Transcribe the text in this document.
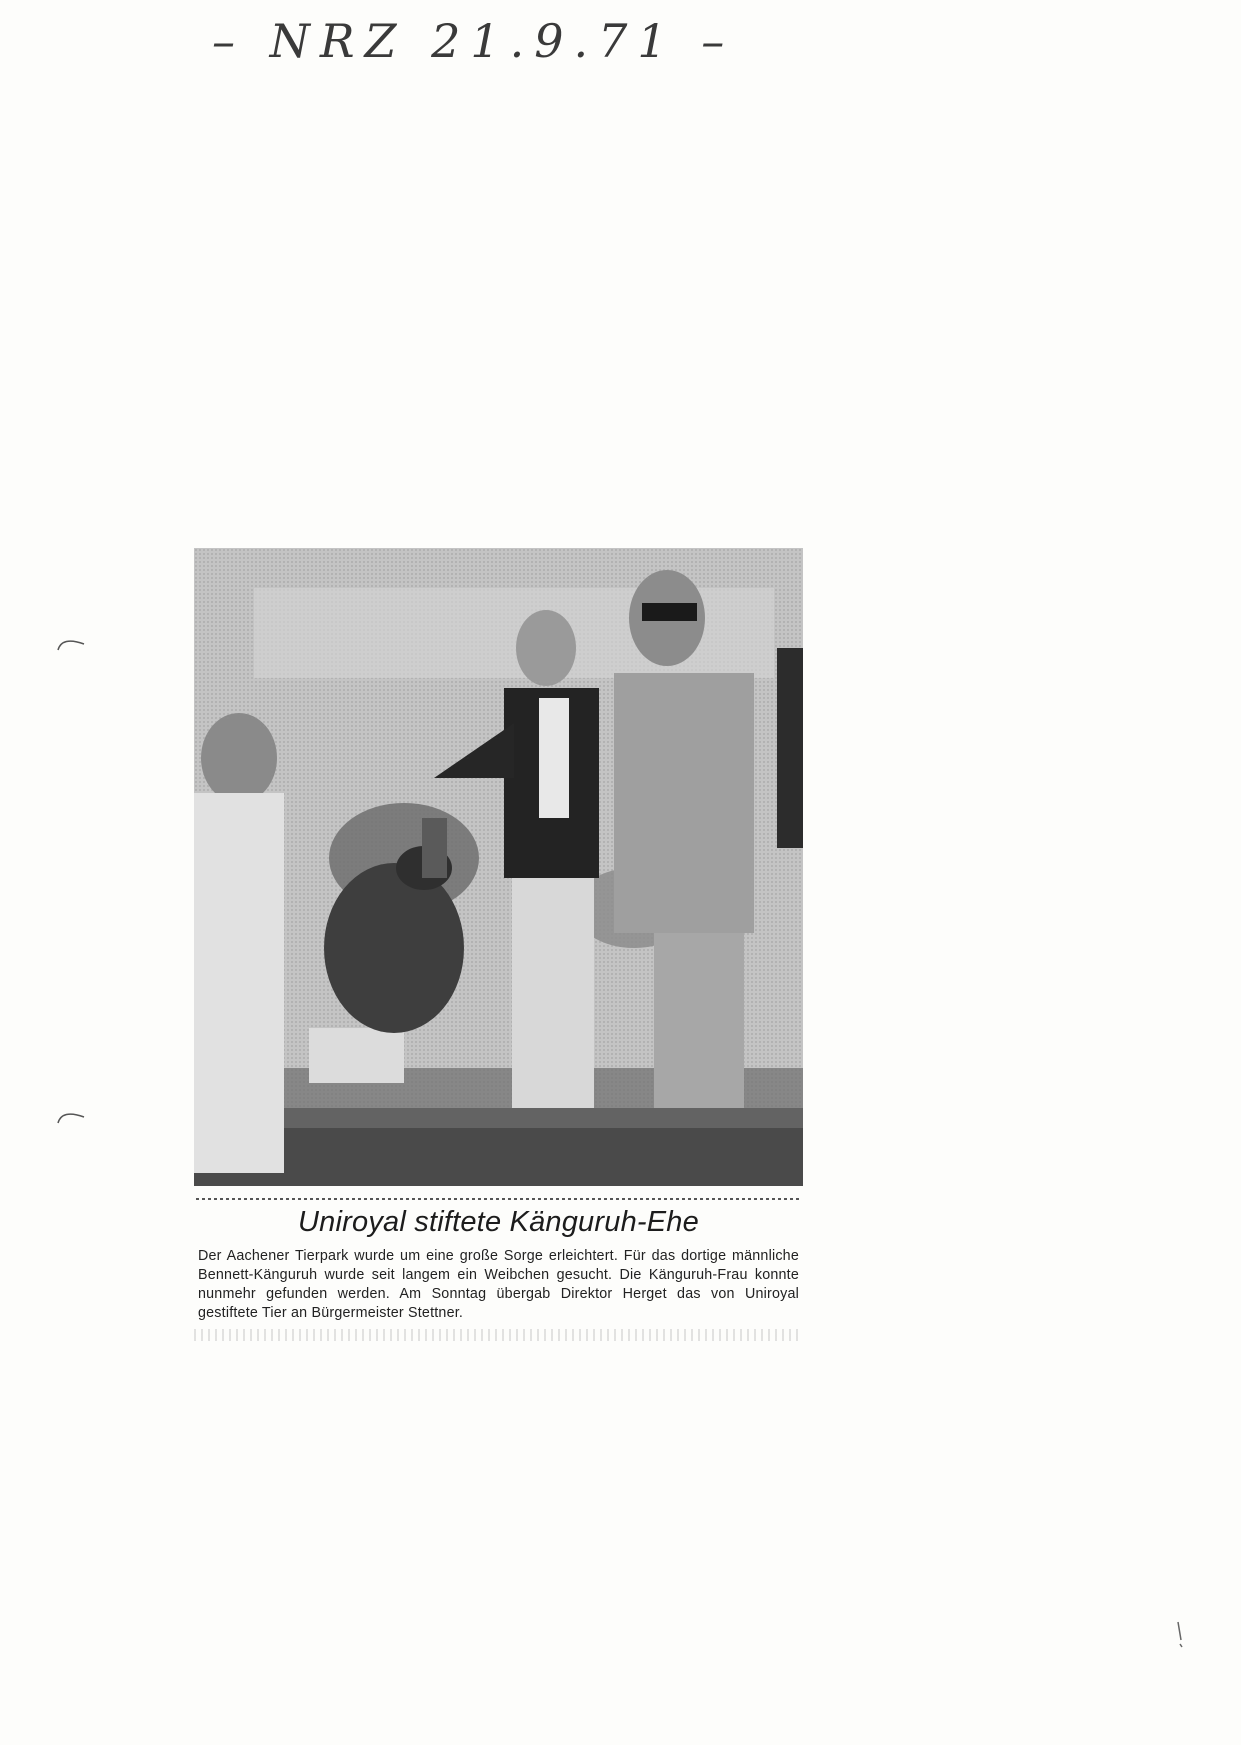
– NRZ 21.9.71 –
Uniroyal stiftete Känguruh-Ehe
Der Aachener Tierpark wurde um eine große Sorge erleichtert. Für das dortige männliche Bennett-Känguruh wurde seit langem ein Weibchen gesucht. Die Känguruh-Frau konnte nunmehr gefunden werden. Am Sonntag übergab Direktor Herget das von Uniroyal gestiftete Tier an Bürgermeister Stettner.
